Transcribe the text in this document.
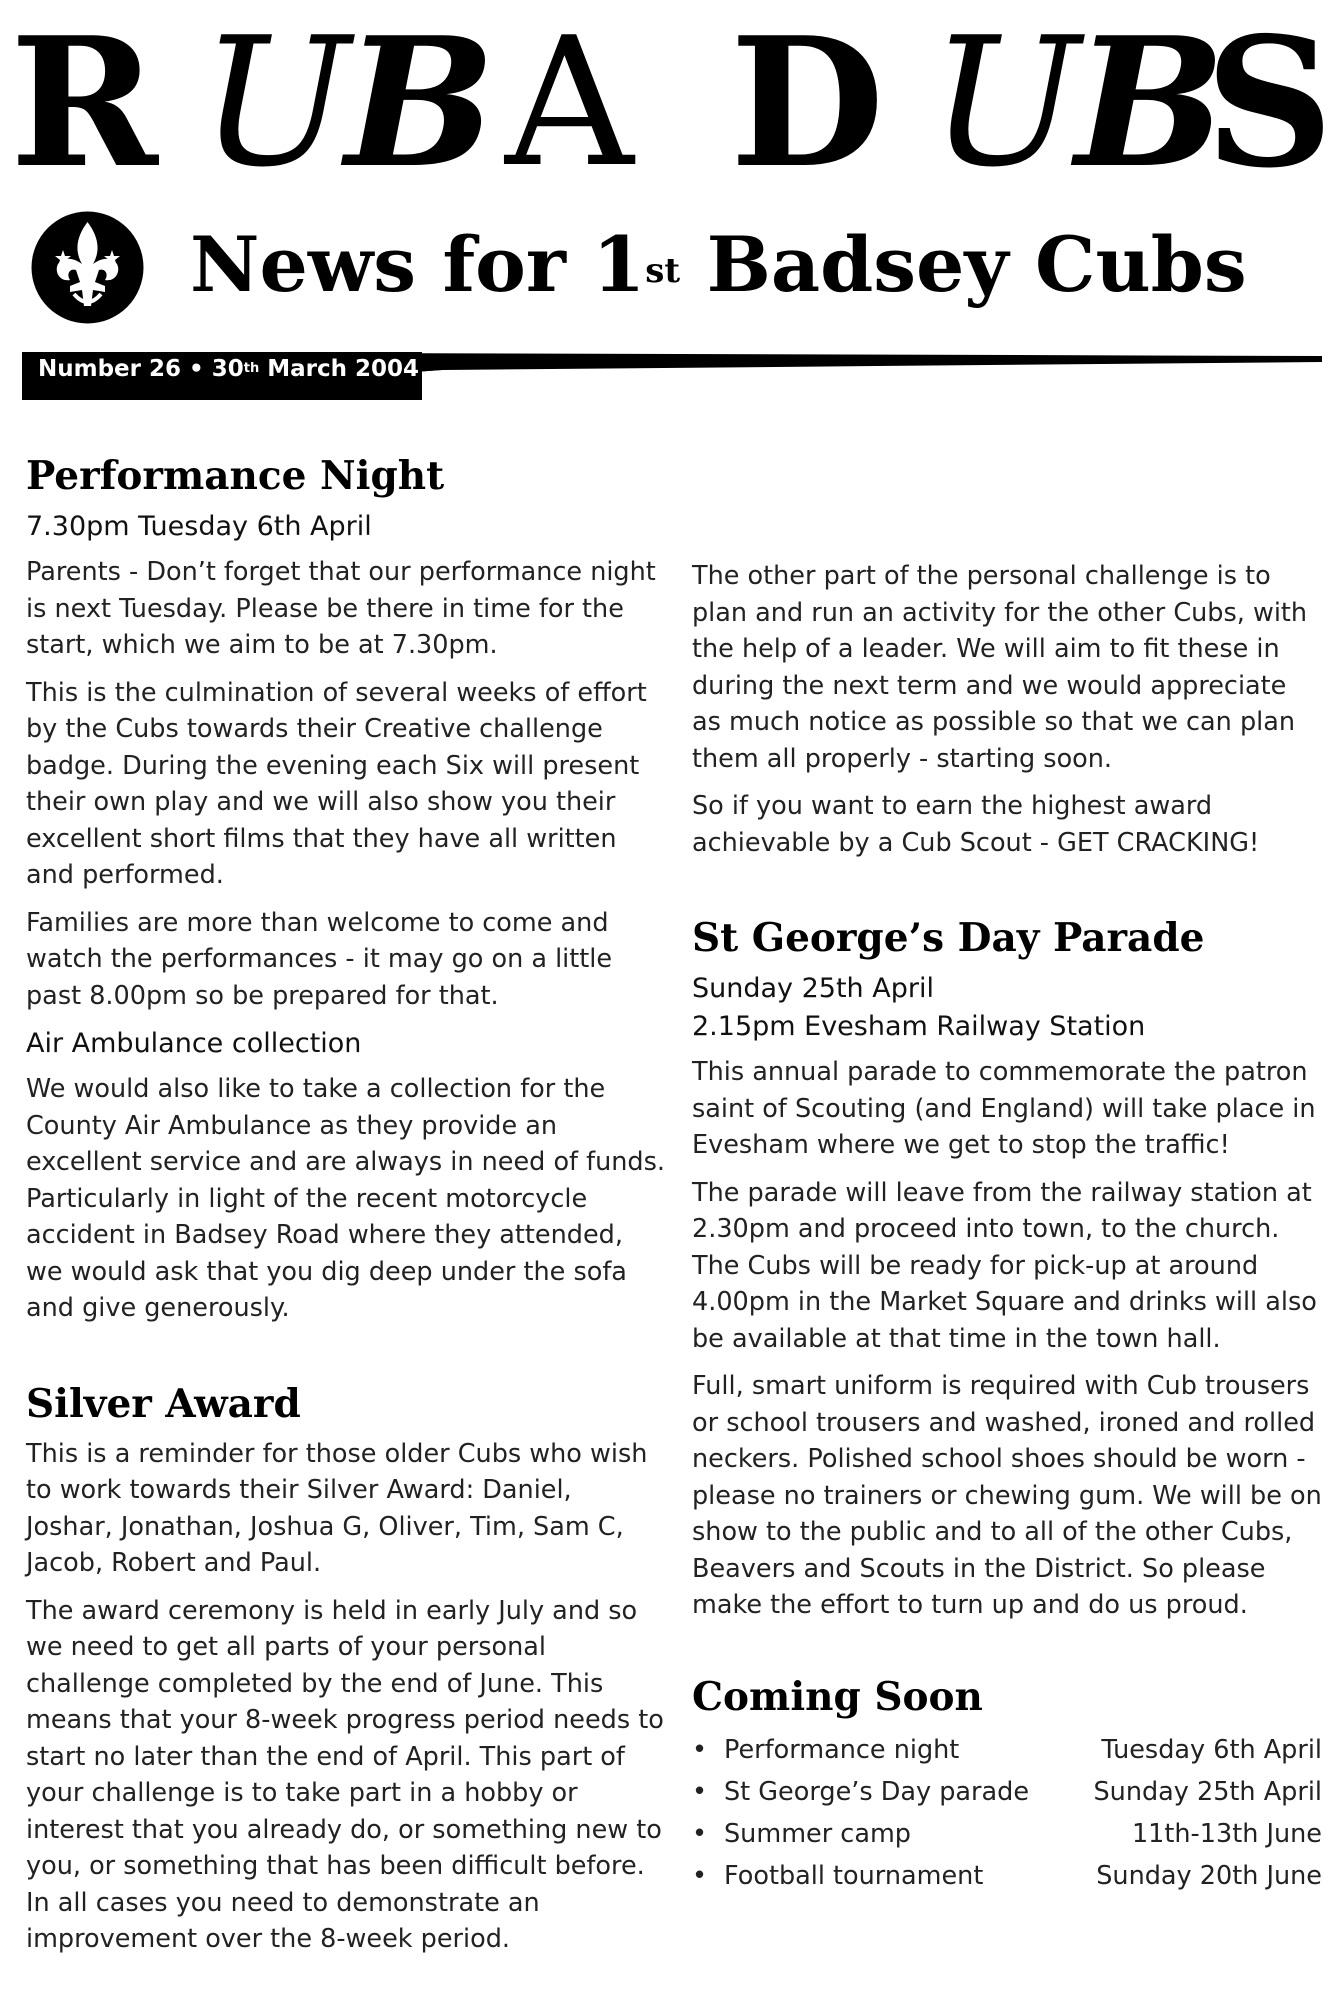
R U
B A D U
B
S
News for 1st Badsey Cubs
Number 26 • 30th March 2004
Performance Night
7.30pm Tuesday 6th April

Parents - Don’t forget that our performance night is next Tuesday. Please be there in time for the start, which we aim to be at 7.30pm.

This is the culmination of several weeks of effort by the Cubs towards their Creative challenge badge. During the evening each Six will present their own play and we will also show you their excellent short films that they have all written and performed.

Families are more than welcome to come and watch the performances - it may go on a little past 8.00pm so be prepared for that.

Air Ambulance collection

We would also like to take a collection for the County Air Ambulance as they provide an excellent service and are always in need of funds. Particularly in light of the recent motorcycle accident in Badsey Road where they attended, we would ask that you dig deep under the sofa and give generously.

Silver Award

This is a reminder for those older Cubs who wish to work towards their Silver Award: Daniel, Joshar, Jonathan, Joshua G, Oliver, Tim, Sam C, Jacob, Robert and Paul.

The award ceremony is held in early July and so we need to get all parts of your personal challenge completed by the end of June. This means that your 8-week progress period needs to start no later than the end of April. This part of your challenge is to take part in a hobby or interest that you already do, or something new to you, or something that has been difficult before. In all cases you need to demonstrate an improvement over the 8-week period.

The other part of the personal challenge is to plan and run an activity for the other Cubs, with the help of a leader. We will aim to fit these in during the next term and we would appreciate as much notice as possible so that we can plan them all properly - starting soon.

So if you want to earn the highest award achievable by a Cub Scout - GET CRACKING!

St George’s Day Parade
Sunday 25th April
2.15pm Evesham Railway Station

This annual parade to commemorate the patron saint of Scouting (and England) will take place in Evesham where we get to stop the traffic!

The parade will leave from the railway station at 2.30pm and proceed into town, to the church. The Cubs will be ready for pick-up at around 4.00pm in the Market Square and drinks will also be available at that time in the town hall.

Full, smart uniform is required with Cub trousers or school trousers and washed, ironed and rolled neckers. Polished school shoes should be worn - please no trainers or chewing gum. We will be on show to the public and to all of the other Cubs, Beavers and Scouts in the District. So please make the effort to turn up and do us proud.

Coming Soon
• Performance night	Tuesday 6th April
• St George’s Day parade	Sunday 25th April
• Summer camp	11th-13th June
• Football tournament	Sunday 20th June
